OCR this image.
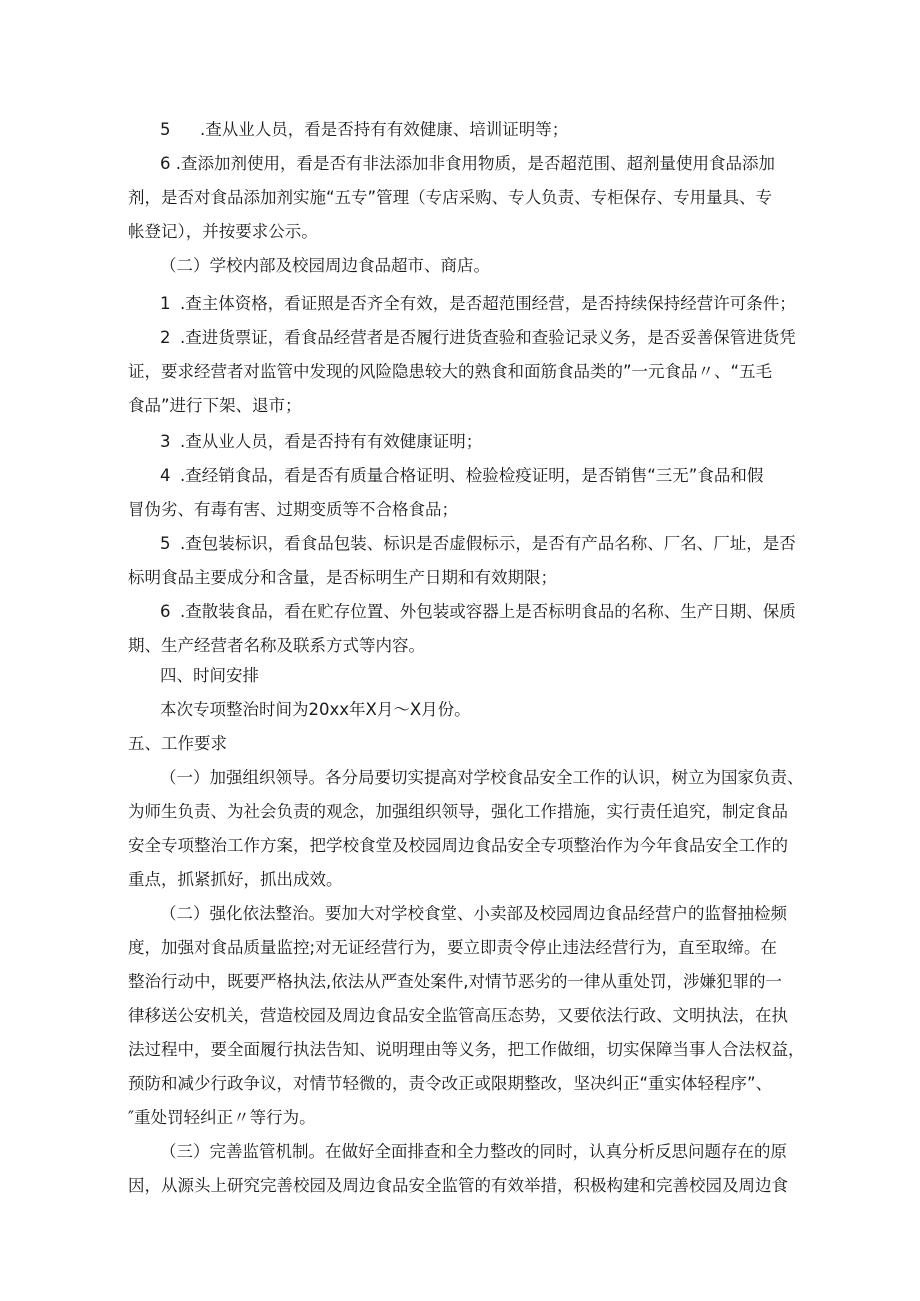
5 .查从业人员，看是否持有有效健康、培训证明等；

6 .查添加剂使用，看是否有非法添加非食用物质，是否超范围、超剂量使用食品添加
剂，是否对食品添加剂实施“五专”管理（专店采购、专人负责、专柜保存、专用量具、专
帐登记），并按要求公示。

（二）学校内部及校园周边食品超市、商店。

1 .查主体资格，看证照是否齐全有效，是否超范围经营，是否持续保持经营许可条件；

2 .查进货票证，看食品经营者是否履行进货查验和查验记录义务，是否妥善保管进货凭
证，要求经营者对监管中发现的风险隐患较大的熟食和面筋食品类的”一元食品〃、“五毛
食品”进行下架、退市；

3 .查从业人员，看是否持有有效健康证明；

4 .查经销食品，看是否有质量合格证明、检验检疫证明，是否销售“三无”食品和假
冒伪劣、有毒有害、过期变质等不合格食品；

5 .查包装标识，看食品包装、标识是否虚假标示，是否有产品名称、厂名、厂址，是否
标明食品主要成分和含量，是否标明生产日期和有效期限；

6 .查散装食品，看在贮存位置、外包装或容器上是否标明食品的名称、生产日期、保质
期、生产经营者名称及联系方式等内容。

四、时间安排

本次专项整治时间为20xx年X月～X月份。

五、工作要求

（一）加强组织领导。各分局要切实提高对学校食品安全工作的认识，树立为国家负责、
为师生负责、为社会负责的观念，加强组织领导，强化工作措施，实行责任追究，制定食品
安全专项整治工作方案，把学校食堂及校园周边食品安全专项整治作为今年食品安全工作的
重点，抓紧抓好，抓出成效。

（二）强化依法整治。要加大对学校食堂、小卖部及校园周边食品经营户的监督抽检频
度，加强对食品质量监控;对无证经营行为，要立即责令停止违法经营行为，直至取缔。在
整治行动中，既要严格执法,依法从严查处案件,对情节恶劣的一律从重处罚，涉嫌犯罪的一
律移送公安机关，营造校园及周边食品安全监管高压态势，又要依法行政、文明执法，在执
法过程中，要全面履行执法告知、说明理由等义务，把工作做细，切实保障当事人合法权益，
预防和减少行政争议，对情节轻微的，责令改正或限期整改，坚决纠正“重实体轻程序”、
″重处罚轻纠正〃等行为。

（三）完善监管机制。在做好全面排查和全力整改的同时，认真分析反思问题存在的原
因，从源头上研究完善校园及周边食品安全监管的有效举措，积极构建和完善校园及周边食
